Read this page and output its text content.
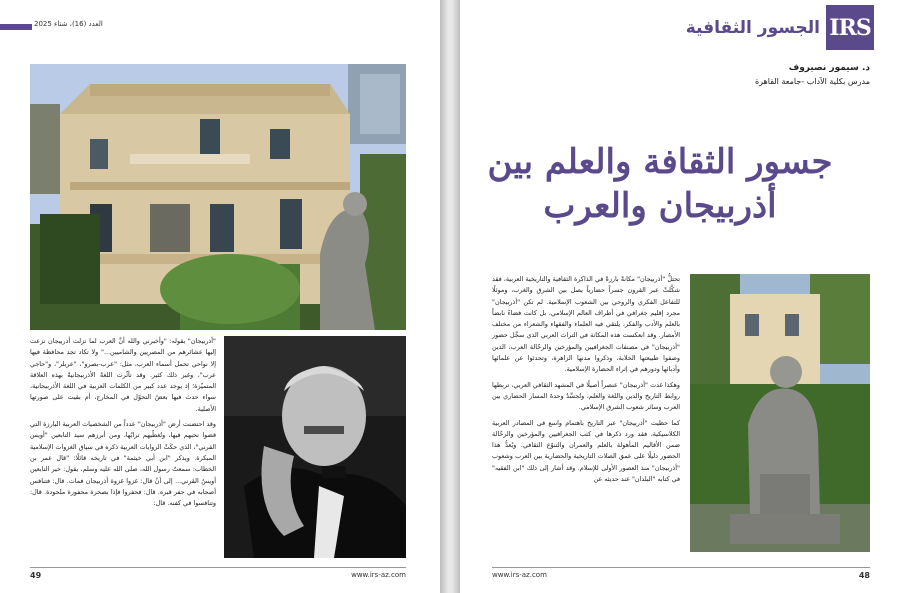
العدد (16)، شتاء 2025

"أذربيجان" بقوله: "وأخبرني والله أنَّ العرب لما نزلت أذربيجان نزعت إليها عشائرهم من المصريين والشاميين..." ولا تكاد تجد محافظة فيها إلا نواحي تحمل أسماء العرب، مثل: "عرب-بصرو"، "عربلر"، و"حاجي عرب"، وغير ذلك كثير. وقد تأثّرت اللغةُ الأذربيجانيةُ بهذه العلاقة المتميّزة؛ إذ يوجد عدد كبير من الكلمات العربية في اللغة الأذربيجانية، سواء حدث فيها بعضُ التحوّل في المخارج، أم بقيت على صورتها الأصلية.

وقد احتضنت أرض "أذربيجان" عدداً من الشخصيات العربية البارزة التي قضوا نحبهم فيها، وتُغطّيهم ترابُها، ومن أبرزهم سيد التابعين "أويس القرني"، الذي حكَتْ الروايات العربية ذكره في سياق الغزوات الإسلامية المبكرة. ويذكر "ابن أبي خيثمة" في تاريخه قائلًا: "قال عمر بن الخطاب: سمعتُ رسول الله، صلى الله عليه وسلم، يقول: خير التابعين أويسُ القرني... إلى أنْ قال: غزوا غزوة أذربيجان فمات. قال: فتنافس أصحابه في حفر قبره. قال: فحفروا فإذا بصخرة محفورة ملحودة. قال: وتنافسوا في كفنه. قال:

49	www.irs-az.com
IRS
الجسور الثقافية
د. سيمور نصيروف
مدرس بكلية الآداب -جامعة القاهرة
جسور الثقافة والعلم بين
أذربيجان والعرب

تحتلُّ "أذربيجان" مكانةً بارزةً في الذاكرة الثقافية والتاريخية العربية، فقد شكَّلتْ عبر القرون جسراً حضارياً يصل بين الشرق والغرب، وموئلًا للتفاعل الفكري والروحي بين الشعوب الإسلامية. لم تكن "أذربيجان" مجرد إقليم جغرافي في أطراف العالم الإسلامي، بل كانت فضاءً نابضاً بالعلم والأدب والفكر، يلتقي فيه العلماء والفقهاء والشعراء من مختلف الأمصار. وقد انعكست هذه المكانة في التراث العربي الذي سجَّل حضور "أذربيجان" في مصنفات الجغرافيين والمؤرخين والرحّالة العرب، الذين وصفوا طبيعتها الخلابة، وذكروا مدنها الزاهرة، وتحدثوا عن علمائها وأدبائها ودورهم في إثراء الحضارة الإسلامية.

وهكذا غدت "أذربيجان" عنصراً أصيلًا في المشهد الثقافي العربي، تربطها روابط التاريخ والدين واللغة والعلم، وتُجسِّدُ وحدةَ المسار الحضاري بين العرب وسائر شعوب الشرق الإسلامي.

كما حظيت "أذربيجان" عبر التاريخ باهتمام واسع في المصادر العربية الكلاسيكية، فقد ورد ذكرها في كتب الجغرافيين والمؤرخين والرحّالة ضمن الأقاليم المأهولة بالعلم والعمران والتنوّع الثقافي. ويُعدُّ هذا الحضور دليلًا على عمق الصلات التاريخية والحضارية بين العرب وشعوب "أذربيجان" منذ العصور الأولى للإسلام. وقد أشار إلى ذلك "ابن الفقيه" في كتابه "البلدان" عند حديثه عن

www.irs-az.com	48
